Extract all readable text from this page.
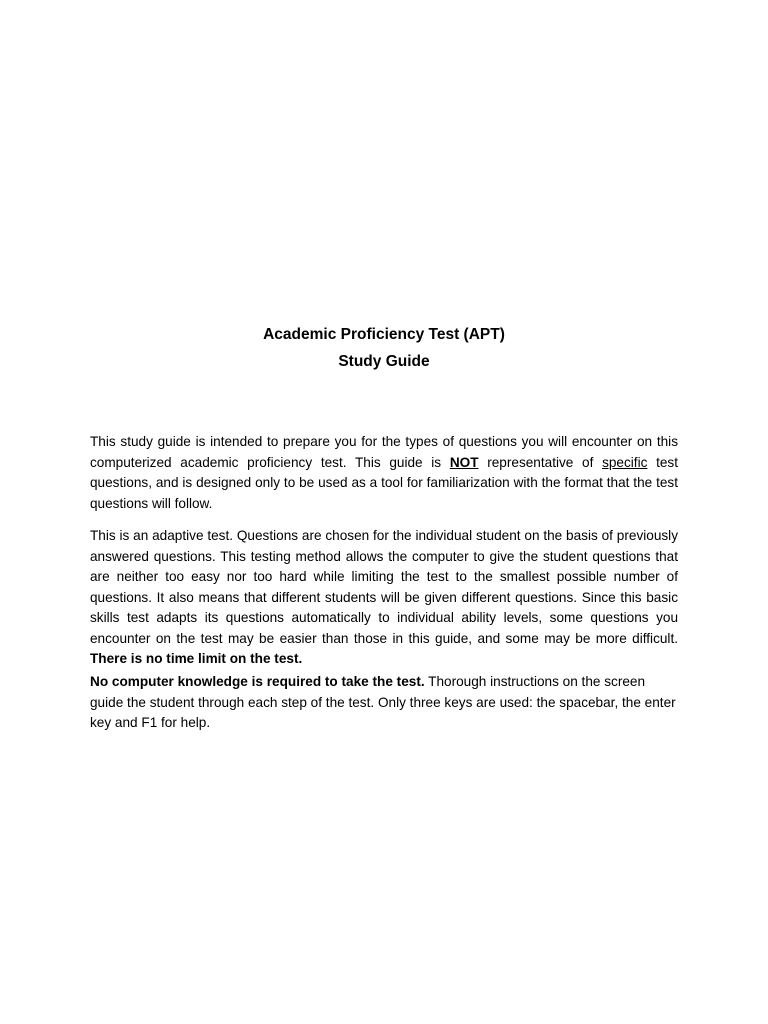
Academic Proficiency Test (APT)
Study Guide
This study guide is intended to prepare you for the types of questions you will encounter on this computerized academic proficiency test. This guide is NOT representative of specific test questions, and is designed only to be used as a tool for familiarization with the format that the test questions will follow.
This is an adaptive test. Questions are chosen for the individual student on the basis of previously answered questions. This testing method allows the computer to give the student questions that are neither too easy nor too hard while limiting the test to the smallest possible number of questions. It also means that different students will be given different questions. Since this basic skills test adapts its questions automatically to individual ability levels, some questions you encounter on the test may be easier than those in this guide, and some may be more difficult. There is no time limit on the test.
No computer knowledge is required to take the test. Thorough instructions on the screen guide the student through each step of the test. Only three keys are used: the spacebar, the enter key and F1 for help.
